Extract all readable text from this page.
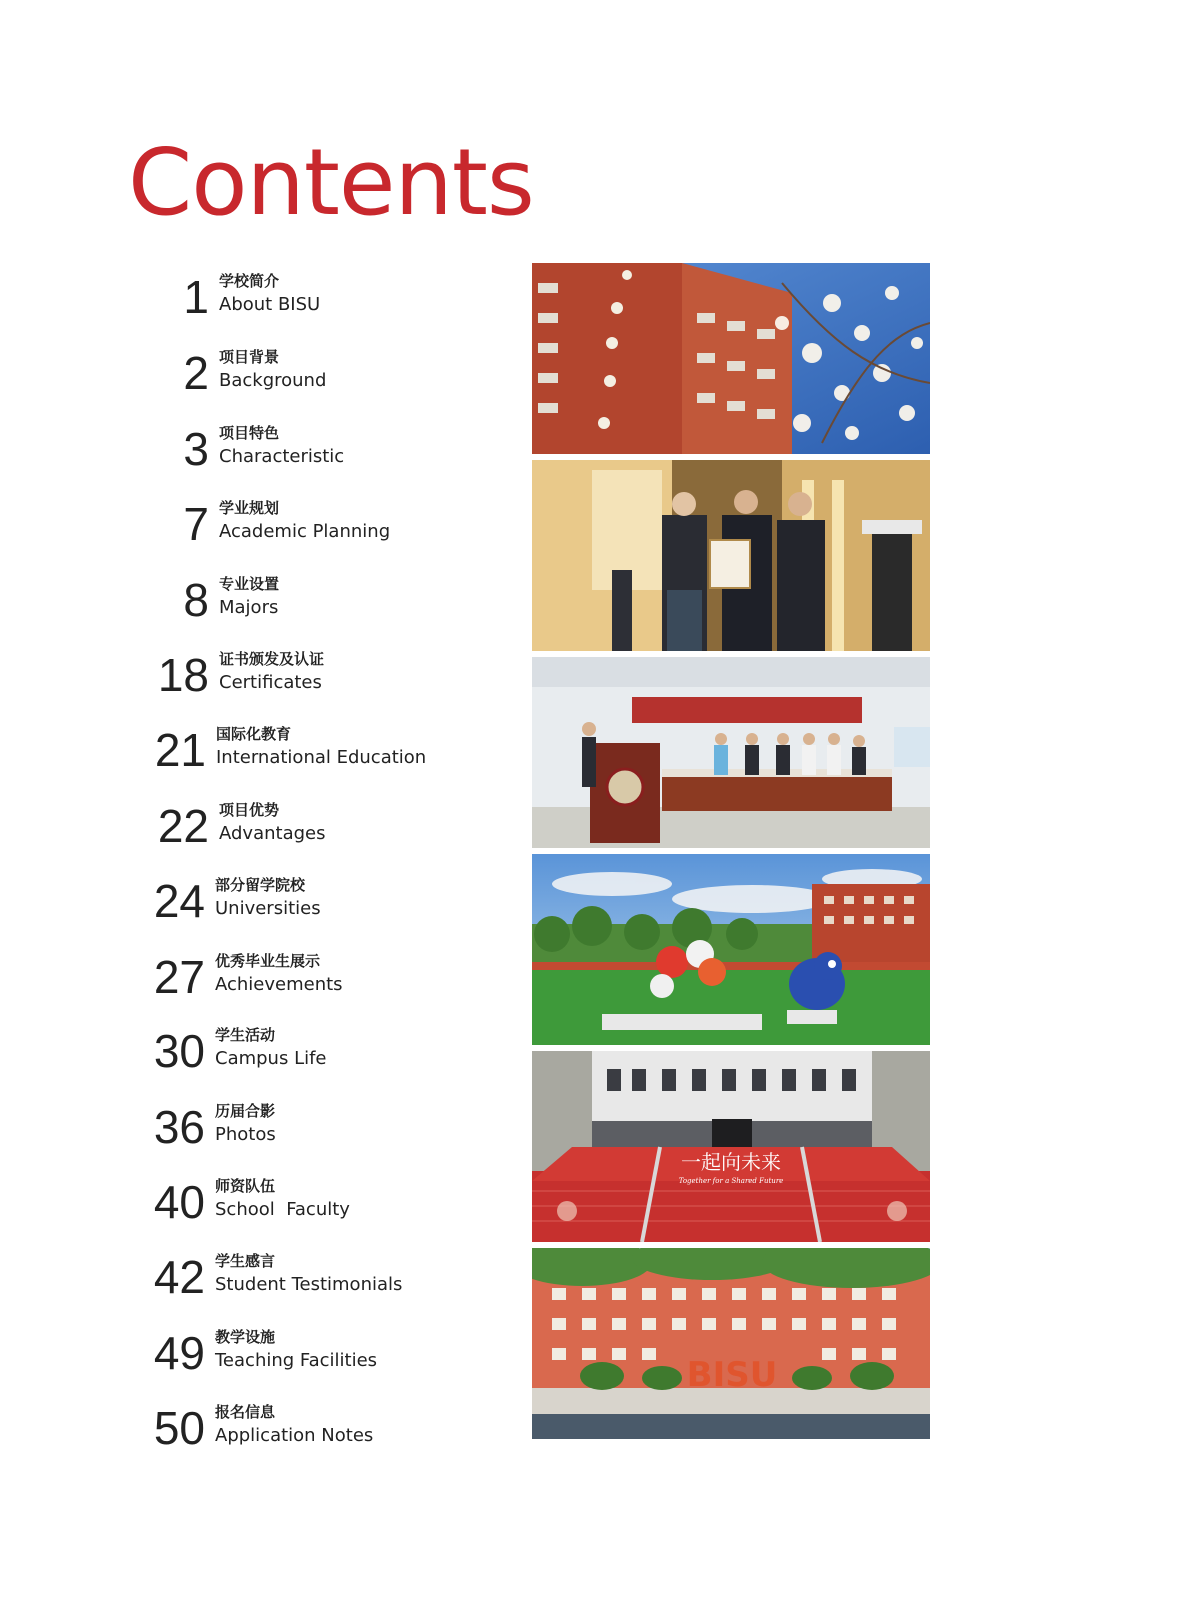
Contents
1 学校简介
About BISU
2 项目背景
Background
3 项目特色
Characteristic
7 学业规划
Academic Planning
8 专业设置
Majors
18 证书颁发及认证
Certificates
21 国际化教育
International Education
22 项目优势
Advantages
24 部分留学院校
Universities
27 优秀毕业生展示
Achievements
30 学生活动
Campus Life
36 历届合影
Photos
40 师资队伍
School  Faculty
42 学生感言
Student Testimonials
49 教学设施
Teaching Facilities
50 报名信息
Application Notes
一起向未来
Together for a Shared Future
BISU
